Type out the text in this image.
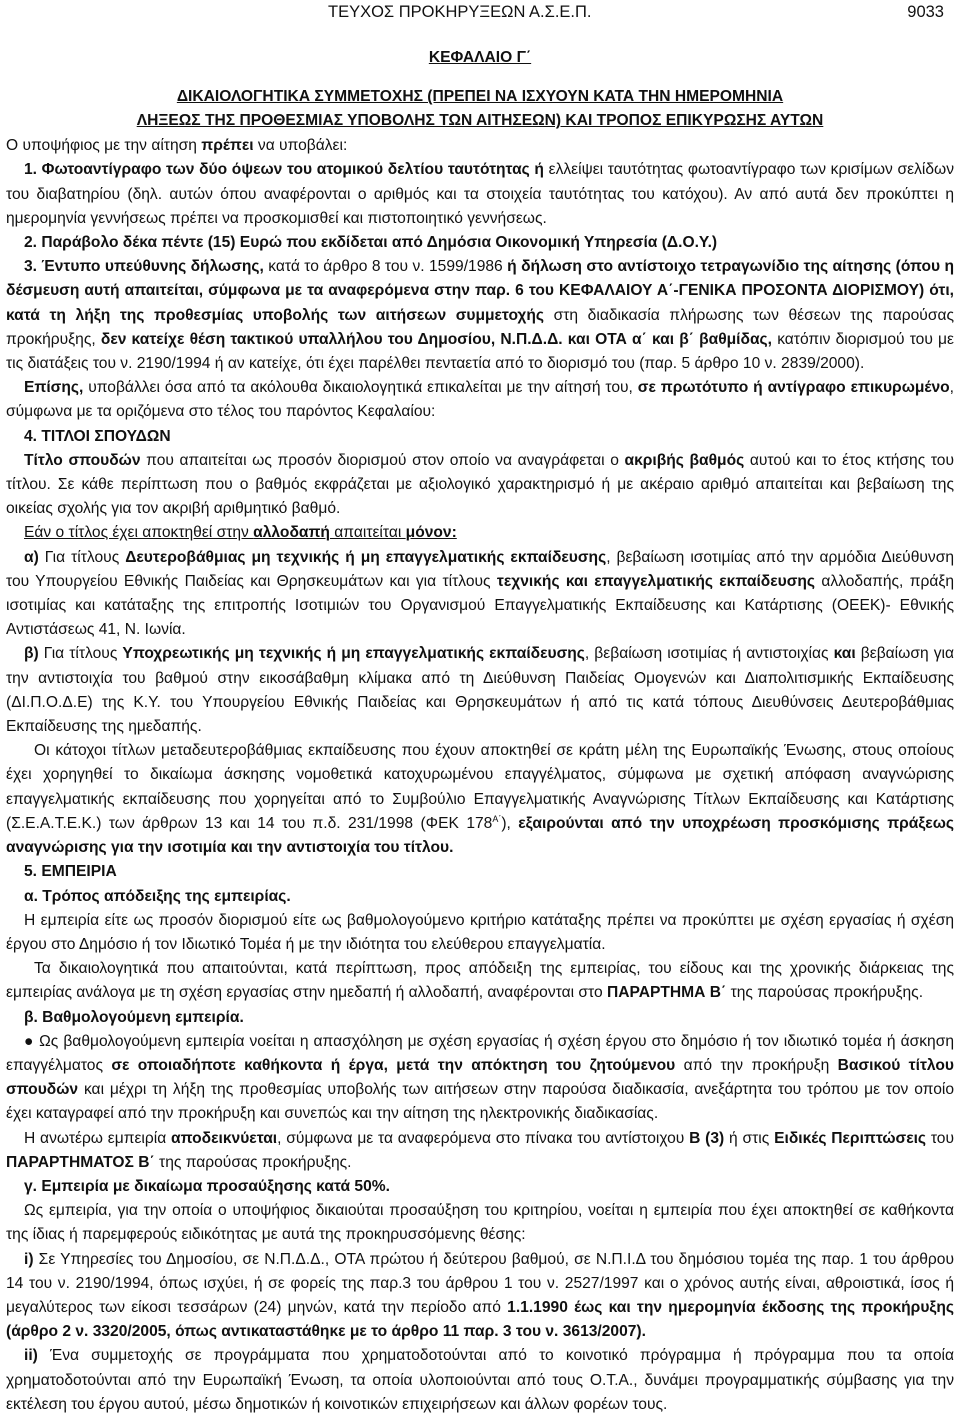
ΤΕΥΧΟΣ ΠΡΟΚΗΡΥΞΕΩΝ Α.Σ.Ε.Π.	9033
ΚΕΦΑΛΑΙΟ Γ΄
ΔΙΚΑΙΟΛΟΓΗΤΙΚΑ ΣΥΜΜΕΤΟΧΗΣ (ΠΡΕΠΕΙ ΝΑ ΙΣΧΥΟΥΝ ΚΑΤΑ ΤΗΝ ΗΜΕΡΟΜΗΝΙΑ
ΛΗΞΕΩΣ ΤΗΣ ΠΡΟΘΕΣΜΙΑΣ ΥΠΟΒΟΛΗΣ ΤΩΝ ΑΙΤΗΣΕΩΝ) ΚΑΙ ΤΡΟΠΟΣ ΕΠΙΚΥΡΩΣΗΣ ΑΥΤΩΝ

Ο υποψήφιος με την αίτηση πρέπει να υποβάλει:

1. Φωτοαντίγραφο των δύο όψεων του ατομικού δελτίου ταυτότητας ή ελλείψει ταυτότητας φωτοαντίγραφο των κρισίμων σελίδων του διαβατηρίου (δηλ. αυτών όπου αναφέρονται ο αριθμός και τα στοιχεία ταυτότητας του κατόχου). Αν από αυτά δεν προκύπτει η ημερομηνία γεννήσεως πρέπει να προσκομισθεί και πιστοποιητικό γεννήσεως.

2. Παράβολο δέκα πέντε (15) Ευρώ που εκδίδεται από Δημόσια Οικονομική Υπηρεσία (Δ.Ο.Υ.)

3. Έντυπο υπεύθυνης δήλωσης, κατά το άρθρο 8 του ν. 1599/1986 ή δήλωση στο αντίστοιχο τετραγωνίδιο της αίτησης (όπου η δέσμευση αυτή απαιτείται, σύμφωνα με τα αναφερόμενα στην παρ. 6 του ΚΕΦΑΛΑΙΟΥ Α΄-ΓΕΝΙΚΑ ΠΡΟΣΟΝΤΑ ΔΙΟΡΙΣΜΟΥ) ότι, κατά τη λήξη της προθεσμίας υποβολής των αιτήσεων συμμετοχής στη διαδικασία πλήρωσης των θέσεων της παρούσας προκήρυξης, δεν κατείχε θέση τακτικού υπαλλήλου του Δημοσίου, Ν.Π.Δ.Δ. και ΟΤΑ α΄ και β΄ βαθμίδας, κατόπιν διορισμού του με τις διατάξεις του ν. 2190/1994 ή αν κατείχε, ότι έχει παρέλθει πενταετία από το διορισμό του (παρ. 5 άρθρο 10 ν. 2839/2000).

Επίσης, υποβάλλει όσα από τα ακόλουθα δικαιολογητικά επικαλείται με την αίτησή του, σε πρωτότυπο ή αντίγραφο επικυρωμένο, σύμφωνα με τα οριζόμενα στο τέλος του παρόντος Κεφαλαίου:

4. ΤΙΤΛΟΙ ΣΠΟΥΔΩΝ

Τίτλο σπουδών που απαιτείται ως προσόν διορισμού στον οποίο να αναγράφεται ο ακριβής βαθμός αυτού και το έτος κτήσης του τίτλου. Σε κάθε περίπτωση που ο βαθμός εκφράζεται με αξιολογικό χαρακτηρισμό ή με ακέραιο αριθμό απαιτείται και βεβαίωση της οικείας σχολής για τον ακριβή αριθμητικό βαθμό.

Εάν ο τίτλος έχει αποκτηθεί στην αλλοδαπή απαιτείται μόνον:

α) Για τίτλους Δευτεροβάθμιας μη τεχνικής ή μη επαγγελματικής εκπαίδευσης, βεβαίωση ισοτιμίας από την αρμόδια Διεύθυνση του Υπουργείου Εθνικής Παιδείας και Θρησκευμάτων και για τίτλους τεχνικής και επαγγελματικής εκπαίδευσης αλλοδαπής, πράξη ισοτιμίας και κατάταξης της επιτροπής Ισοτιμιών του Οργανισμού Επαγγελματικής Εκπαίδευσης και Κατάρτισης (ΟΕΕΚ)- Εθνικής Αντιστάσεως 41, Ν. Ιωνία.

β) Για τίτλους Υποχρεωτικής μη τεχνικής ή μη επαγγελματικής εκπαίδευσης, βεβαίωση ισοτιμίας ή αντιστοιχίας και βεβαίωση για την αντιστοιχία του βαθμού στην εικοσάβαθμη κλίμακα από τη Διεύθυνση Παιδείας Ομογενών και Διαπολιτισμικής Εκπαίδευσης (ΔΙ.Π.Ο.Δ.Ε) της Κ.Υ. του Υπουργείου Εθνικής Παιδείας και Θρησκευμάτων ή από τις κατά τόπους Διευθύνσεις Δευτεροβάθμιας Εκπαίδευσης της ημεδαπής.

Οι κάτοχοι τίτλων μεταδευτεροβάθμιας εκπαίδευσης που έχουν αποκτηθεί σε κράτη μέλη της Ευρωπαϊκής Ένωσης, στους οποίους έχει χορηγηθεί το δικαίωμα άσκησης νομοθετικά κατοχυρωμένου επαγγέλματος, σύμφωνα με σχετική απόφαση αναγνώρισης επαγγελματικής εκπαίδευσης που χορηγείται από το Συμβούλιο Επαγγελματικής Αναγνώρισης Τίτλων Εκπαίδευσης και Κατάρτισης (Σ.Ε.Α.Τ.Ε.Κ.) των άρθρων 13 και 14 του π.δ. 231/1998 (ΦΕΚ $178^{A΄}$), εξαιρούνται από την υποχρέωση προσκόμισης πράξεως αναγνώρισης για την ισοτιμία και την αντιστοιχία του τίτλου.

5. ΕΜΠΕΙΡΙΑ

α. Τρόπος απόδειξης της εμπειρίας.

Η εμπειρία είτε ως προσόν διορισμού είτε ως βαθμολογούμενο κριτήριο κατάταξης πρέπει να προκύπτει με σχέση εργασίας ή σχέση έργου στο Δημόσιο ή τον Ιδιωτικό Τομέα ή με την ιδιότητα του ελεύθερου επαγγελματία.

Τα δικαιολογητικά που απαιτούνται, κατά περίπτωση, προς απόδειξη της εμπειρίας, του είδους και της χρονικής διάρκειας της εμπειρίας ανάλογα με τη σχέση εργασίας στην ημεδαπή ή αλλοδαπή, αναφέρονται στο ΠΑΡΑΡΤΗΜΑ Β΄ της παρούσας προκήρυξης.

β. Βαθμολογούμενη εμπειρία.

● Ως βαθμολογούμενη εμπειρία νοείται η απασχόληση με σχέση εργασίας ή σχέση έργου στο δημόσιο ή τον ιδιωτικό τομέα ή άσκηση επαγγέλματος σε οποιαδήποτε καθήκοντα ή έργα, μετά την απόκτηση του ζητούμενου από την προκήρυξη Βασικού τίτλου σπουδών και μέχρι τη λήξη της προθεσμίας υποβολής των αιτήσεων στην παρούσα διαδικασία, ανεξάρτητα του τρόπου με τον οποίο έχει καταγραφεί από την προκήρυξη και συνεπώς και την αίτηση της ηλεκτρονικής διαδικασίας.

Η ανωτέρω εμπειρία αποδεικνύεται, σύμφωνα με τα αναφερόμενα στο πίνακα του αντίστοιχου Β (3) ή στις Ειδικές Περιπτώσεις του ΠΑΡΑΡΤΗΜΑΤΟΣ Β΄ της παρούσας προκήρυξης.

γ. Εμπειρία με δικαίωμα προσαύξησης κατά 50%.

Ως εμπειρία, για την οποία ο υποψήφιος δικαιούται προσαύξηση του κριτηρίου, νοείται η εμπειρία που έχει αποκτηθεί σε καθήκοντα της ίδιας ή παρεμφερούς ειδικότητας με αυτά της προκηρυσσόμενης θέσης:

i) Σε Υπηρεσίες του Δημοσίου, σε Ν.Π.Δ.Δ., ΟΤΑ πρώτου ή δεύτερου βαθμού, σε Ν.Π.Ι.Δ του δημόσιου τομέα της παρ. 1 του άρθρου 14 του ν. 2190/1994, όπως ισχύει, ή σε φορείς της παρ.3 του άρθρου 1 του ν. 2527/1997 και ο χρόνος αυτής είναι, αθροιστικά, ίσος ή μεγαλύτερος των είκοσι τεσσάρων (24) μηνών, κατά την περίοδο από 1.1.1990 έως και την ημερομηνία έκδοσης της προκήρυξης (άρθρο 2 ν. 3320/2005, όπως αντικαταστάθηκε με το άρθρο 11 παρ. 3 του ν. 3613/2007).

ii) Ένα συμμετοχής σε προγράμματα που χρηματοδοτούνται από το κοινοτικό πρόγραμμα ή πρόγραμμα που τα οποία χρηματοδοτούνται από την Ευρωπαϊκή Ένωση, τα οποία υλοποιούνται από τους Ο.Τ.Α., δυνάμει προγραμματικής σύμβασης για την εκτέλεση του έργου αυτού, μέσω δημοτικών ή κοινοτικών επιχειρήσεων και άλλων φορέων τους.
